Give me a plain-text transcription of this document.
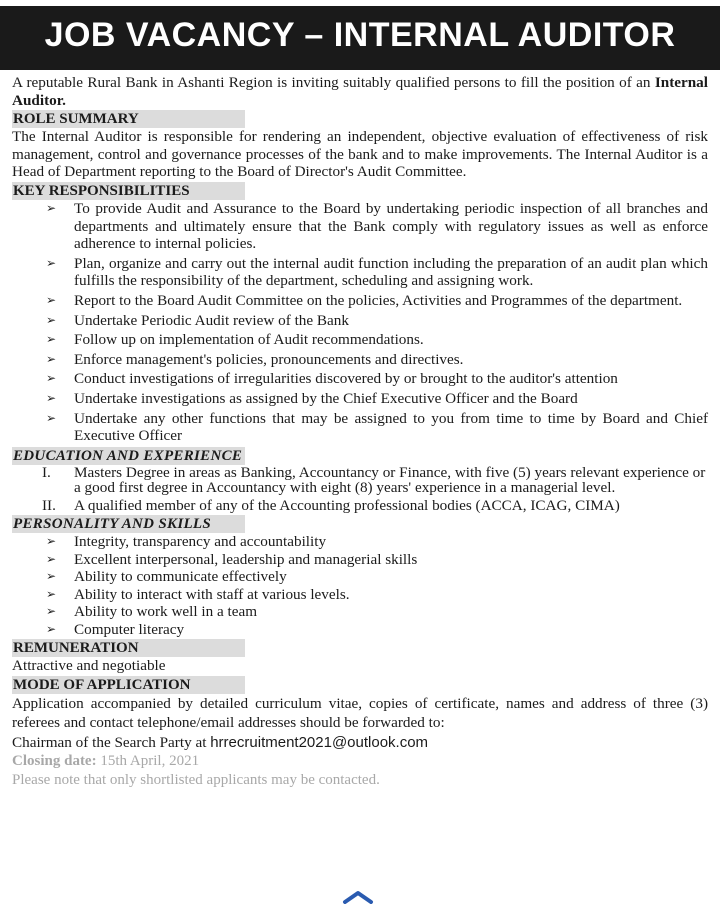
JOB VACANCY – INTERNAL AUDITOR

A reputable Rural Bank in Ashanti Region is inviting suitably qualified persons to fill the position of an Internal Auditor.

ROLE SUMMARY

The Internal Auditor is responsible for rendering an independent, objective evaluation of effectiveness of risk management, control and governance processes of the bank and to make improvements. The Internal Auditor is a Head of Department reporting to the Board of Director's Audit Committee.

KEY RESPONSIBILITIES
➢ To provide Audit and Assurance to the Board by undertaking periodic inspection of all branches and departments and ultimately ensure that the Bank comply with regulatory issues as well as enforce adherence to internal policies.
➢ Plan, organize and carry out the internal audit function including the preparation of an audit plan which fulfills the responsibility of the department, scheduling and assigning work.
➢ Report to the Board Audit Committee on the policies, Activities and Programmes of the department.
➢ Undertake Periodic Audit review of the Bank
➢ Follow up on implementation of Audit recommendations.
➢ Enforce management's policies, pronouncements and directives.
➢ Conduct investigations of irregularities discovered by or brought to the auditor's attention
➢ Undertake investigations as assigned by the Chief Executive Officer and the Board
➢ Undertake any other functions that may be assigned to you from time to time by Board and Chief Executive Officer
EDUCATION AND EXPERIENCE
I. Masters Degree in areas as Banking, Accountancy or Finance, with five (5) years relevant experience or a good first degree in Accountancy with eight (8) years' experience in a managerial level.
II. A qualified member of any of the Accounting professional bodies (ACCA, ICAG, CIMA)
PERSONALITY AND SKILLS
➢ Integrity, transparency and accountability
➢ Excellent interpersonal, leadership and managerial skills
➢ Ability to communicate effectively
➢ Ability to interact with staff at various levels.
➢ Ability to work well in a team
➢ Computer literacy
REMUNERATION

Attractive and negotiable

MODE OF APPLICATION

Application accompanied by detailed curriculum vitae, copies of certificate, names and address of three (3) referees and contact telephone/email addresses should be forwarded to:

Chairman of the Search Party at hrrecruitment2021@outlook.com

Closing date: 15th April, 2021
Please note that only shortlisted applicants may be contacted.
